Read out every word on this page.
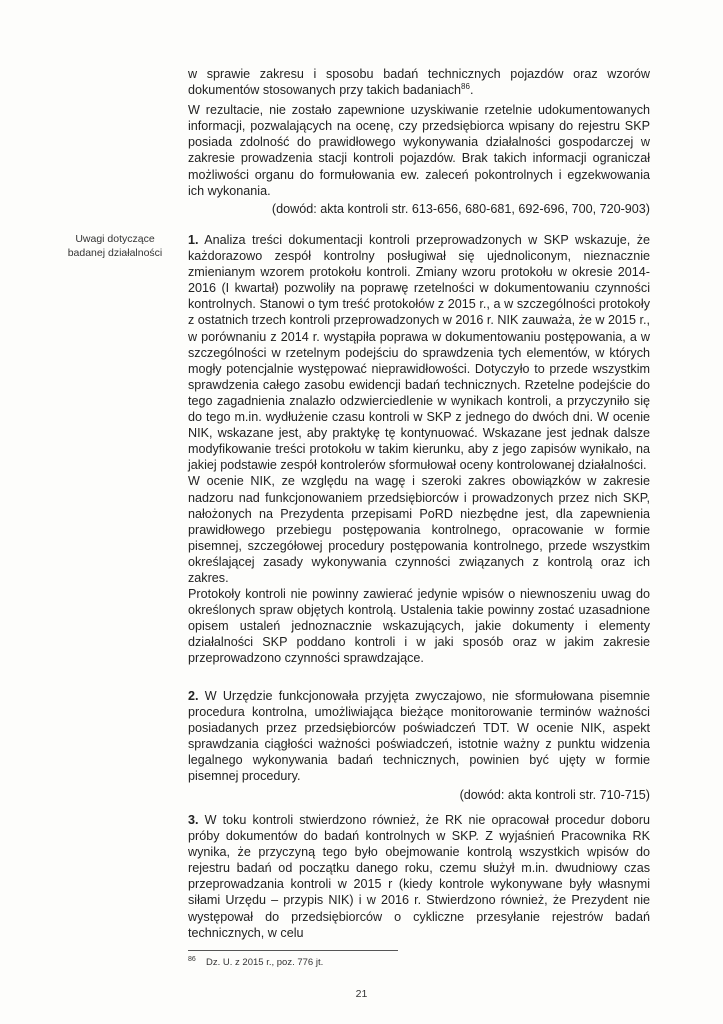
Uwagi dotyczące badanej działalności

w sprawie zakresu i sposobu badań technicznych pojazdów oraz wzorów dokumentów stosowanych przy takich badaniach$^{86}$.

W rezultacie, nie zostało zapewnione uzyskiwanie rzetelnie udokumentowanych informacji, pozwalających na ocenę, czy przedsiębiorca wpisany do rejestru SKP posiada zdolność do prawidłowego wykonywania działalności gospodarczej w zakresie prowadzenia stacji kontroli pojazdów. Brak takich informacji ograniczał możliwości organu do formułowania ew. zaleceń pokontrolnych i egzekwowania ich wykonania.

(dowód: akta kontroli str. 613-656, 680-681, 692-696, 700, 720-903)

1. Analiza treści dokumentacji kontroli przeprowadzonych w SKP wskazuje, że każdorazowo zespół kontrolny posługiwał się ujednoliconym, nieznacznie zmienianym wzorem protokołu kontroli. Zmiany wzoru protokołu w okresie 2014-2016 (I kwartał) pozwoliły na poprawę rzetelności w dokumentowaniu czynności kontrolnych. Stanowi o tym treść protokołów z 2015 r., a w szczególności protokoły z ostatnich trzech kontroli przeprowadzonych w 2016 r. NIK zauważa, że w 2015 r., w porównaniu z 2014 r. wystąpiła poprawa w dokumentowaniu postępowania, a w szczególności w rzetelnym podejściu do sprawdzenia tych elementów, w których mogły potencjalnie występować nieprawidłowości. Dotyczyło to przede wszystkim sprawdzenia całego zasobu ewidencji badań technicznych. Rzetelne podejście do tego zagadnienia znalazło odzwierciedlenie w wynikach kontroli, a przyczyniło się do tego m.in. wydłużenie czasu kontroli w SKP z jednego do dwóch dni. W ocenie NIK, wskazane jest, aby praktykę tę kontynuować. Wskazane jest jednak dalsze modyfikowanie treści protokołu w takim kierunku, aby z jego zapisów wynikało, na jakiej podstawie zespół kontrolerów sformułował oceny kontrolowanej działalności.

W ocenie NIK, ze względu na wagę i szeroki zakres obowiązków w zakresie nadzoru nad funkcjonowaniem przedsiębiorców i prowadzonych przez nich SKP, nałożonych na Prezydenta przepisami PoRD niezbędne jest, dla zapewnienia prawidłowego przebiegu postępowania kontrolnego, opracowanie w formie pisemnej, szczegółowej procedury postępowania kontrolnego, przede wszystkim określającej zasady wykonywania czynności związanych z kontrolą oraz ich zakres.

Protokoły kontroli nie powinny zawierać jedynie wpisów o niewnoszeniu uwag do określonych spraw objętych kontrolą. Ustalenia takie powinny zostać uzasadnione opisem ustaleń jednoznacznie wskazujących, jakie dokumenty i elementy działalności SKP poddano kontroli i w jaki sposób oraz w jakim zakresie przeprowadzono czynności sprawdzające.

2. W Urzędzie funkcjonowała przyjęta zwyczajowo, nie sformułowana pisemnie procedura kontrolna, umożliwiająca bieżące monitorowanie terminów ważności posiadanych przez przedsiębiorców poświadczeń TDT. W ocenie NIK, aspekt sprawdzania ciągłości ważności poświadczeń, istotnie ważny z punktu widzenia legalnego wykonywania badań technicznych, powinien być ujęty w formie pisemnej procedury.

(dowód: akta kontroli str. 710-715)

3. W toku kontroli stwierdzono również, że RK nie opracował procedur doboru próby dokumentów do badań kontrolnych w SKP. Z wyjaśnień Pracownika RK wynika, że przyczyną tego było obejmowanie kontrolą wszystkich wpisów do rejestru badań od początku danego roku, czemu służył m.in. dwudniowy czas przeprowadzania kontroli w 2015 r (kiedy kontrole wykonywane były własnymi siłami Urzędu – przypis NIK) i w 2016 r. Stwierdzono również, że Prezydent nie występował do przedsiębiorców o cykliczne przesyłanie rejestrów badań technicznych, w celu

86 Dz. U. z 2015 r., poz. 776 jt.
21
